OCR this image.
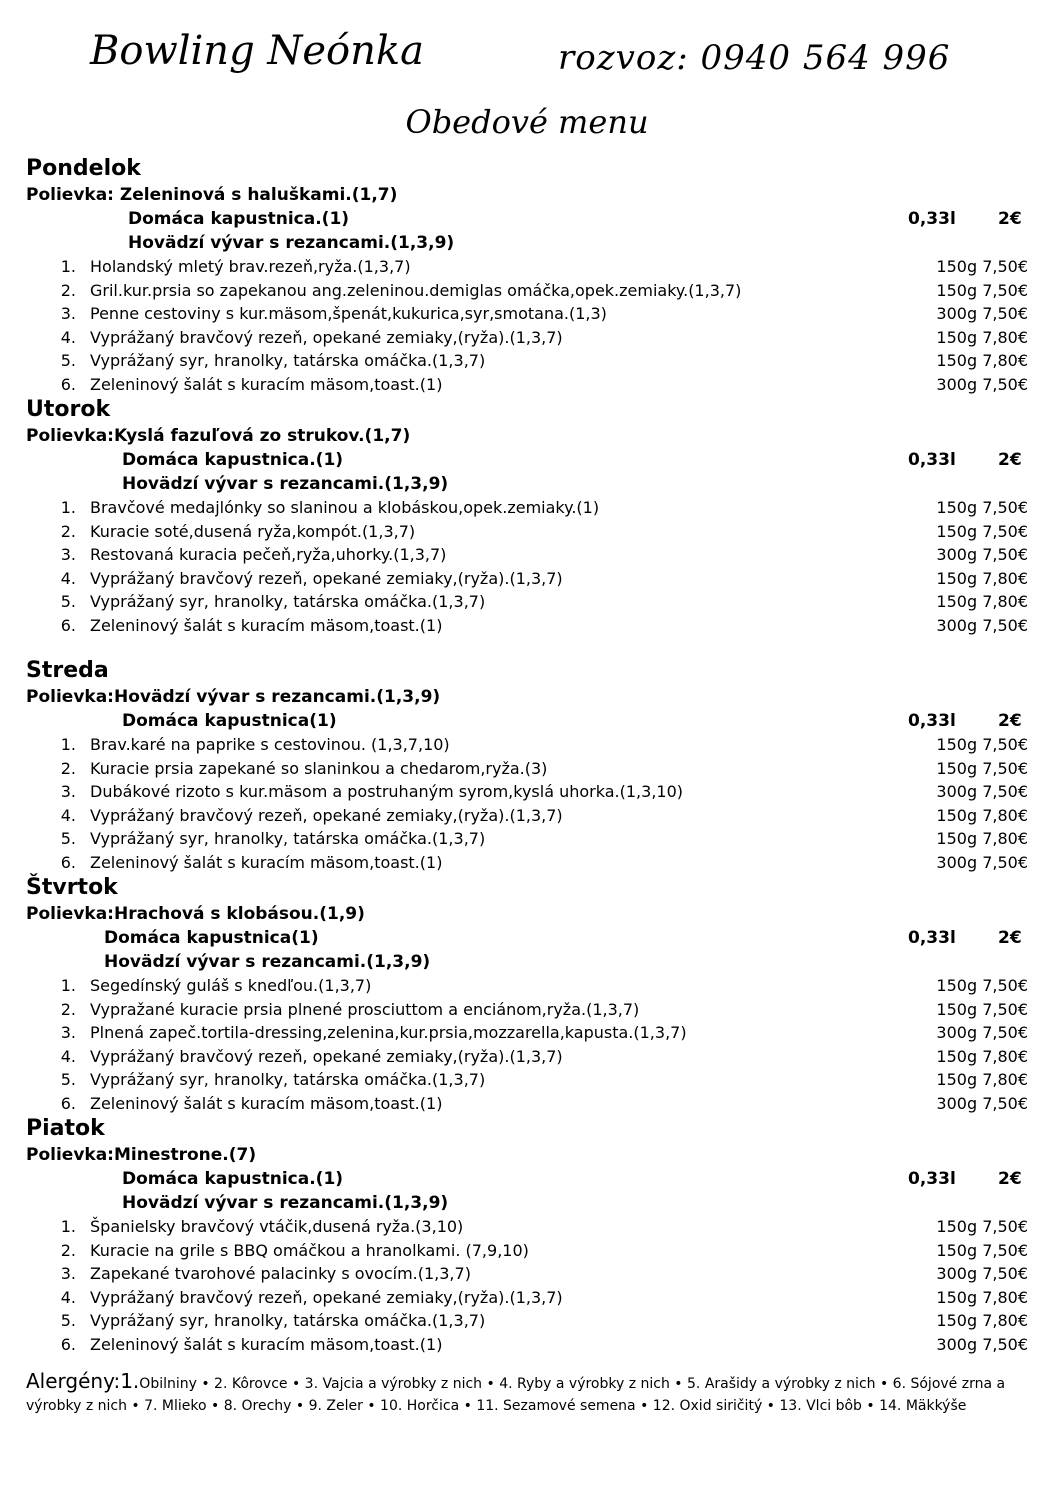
Bowling Neónka	rozvoz: 0940 564 996
Obedové menu
Pondelok
Polievka: Zeleninová s haluškami.(1,7)
Domáca kapustnica.(1)	0,33l 2€
Hovädzí vývar s rezancami.(1,3,9)
1. Holandský mletý brav.rezeň,ryža.(1,3,7)	150g 7,50€
2. Gril.kur.prsia so zapekanou ang.zeleninou.demiglas omáčka,opek.zemiaky.(1,3,7)	150g 7,50€
3. Penne cestoviny s kur.mäsom,špenát,kukurica,syr,smotana.(1,3)	300g 7,50€
4. Vyprážaný bravčový rezeň, opekané zemiaky,(ryža).(1,3,7)	150g 7,80€
5. Vyprážaný syr, hranolky, tatárska omáčka.(1,3,7)	150g 7,80€
6. Zeleninový šalát s kuracím mäsom,toast.(1)	300g 7,50€
Utorok
Polievka:Kyslá fazuľová zo strukov.(1,7)
Domáca kapustnica.(1)	0,33l 2€
Hovädzí vývar s rezancami.(1,3,9)
1. Bravčové medajlónky so slaninou a klobáskou,opek.zemiaky.(1)	150g 7,50€
2. Kuracie soté,dusená ryža,kompót.(1,3,7)	150g 7,50€
3. Restovaná kuracia pečeň,ryža,uhorky.(1,3,7)	300g 7,50€
4. Vyprážaný bravčový rezeň, opekané zemiaky,(ryža).(1,3,7)	150g 7,80€
5. Vyprážaný syr, hranolky, tatárska omáčka.(1,3,7)	150g 7,80€
6. Zeleninový šalát s kuracím mäsom,toast.(1)	300g 7,50€
Streda
Polievka:Hovädzí vývar s rezancami.(1,3,9)
Domáca kapustnica(1)	0,33l 2€
1. Brav.karé na paprike s cestovinou. (1,3,7,10)	150g 7,50€
2. Kuracie prsia zapekané so slaninkou a chedarom,ryža.(3)	150g 7,50€
3. Dubákové rizoto s kur.mäsom a postruhaným syrom,kyslá uhorka.(1,3,10)	300g 7,50€
4. Vyprážaný bravčový rezeň, opekané zemiaky,(ryža).(1,3,7)	150g 7,80€
5. Vyprážaný syr, hranolky, tatárska omáčka.(1,3,7)	150g 7,80€
6. Zeleninový šalát s kuracím mäsom,toast.(1)	300g 7,50€
Štvrtok
Polievka:Hrachová s klobásou.(1,9)
Domáca kapustnica(1)	0,33l 2€
Hovädzí vývar s rezancami.(1,3,9)
1. Segedínský guláš s knedľou.(1,3,7)	150g 7,50€
2. Vypražané kuracie prsia plnené prosciuttom a enciánom,ryža.(1,3,7)	150g 7,50€
3. Plnená zapeč.tortila-dressing,zelenina,kur.prsia,mozzarella,kapusta.(1,3,7)	300g 7,50€
4. Vyprážaný bravčový rezeň, opekané zemiaky,(ryža).(1,3,7)	150g 7,80€
5. Vyprážaný syr, hranolky, tatárska omáčka.(1,3,7)	150g 7,80€
6. Zeleninový šalát s kuracím mäsom,toast.(1)	300g 7,50€
Piatok
Polievka:Minestrone.(7)
Domáca kapustnica.(1)	0,33l 2€
Hovädzí vývar s rezancami.(1,3,9)
1. Španielsky bravčový vtáčik,dusená ryža.(3,10)	150g 7,50€
2. Kuracie na grile s BBQ omáčkou a hranolkami. (7,9,10)	150g 7,50€
3. Zapekané tvarohové palacinky s ovocím.(1,3,7)	300g 7,50€
4. Vyprážaný bravčový rezeň, opekané zemiaky,(ryža).(1,3,7)	150g 7,80€
5. Vyprážaný syr, hranolky, tatárska omáčka.(1,3,7)	150g 7,80€
6. Zeleninový šalát s kuracím mäsom,toast.(1)	300g 7,50€
Alergény:1.Obilniny • 2. Kôrovce • 3. Vajcia a výrobky z nich • 4. Ryby a výrobky z nich • 5. Arašidy a výrobky z nich • 6. Sójové zrna a výrobky z nich • 7. Mlieko • 8. Orechy • 9. Zeler • 10. Horčica • 11. Sezamové semena • 12. Oxid siričitý • 13. Vlci bôb • 14. Mäkkýše
